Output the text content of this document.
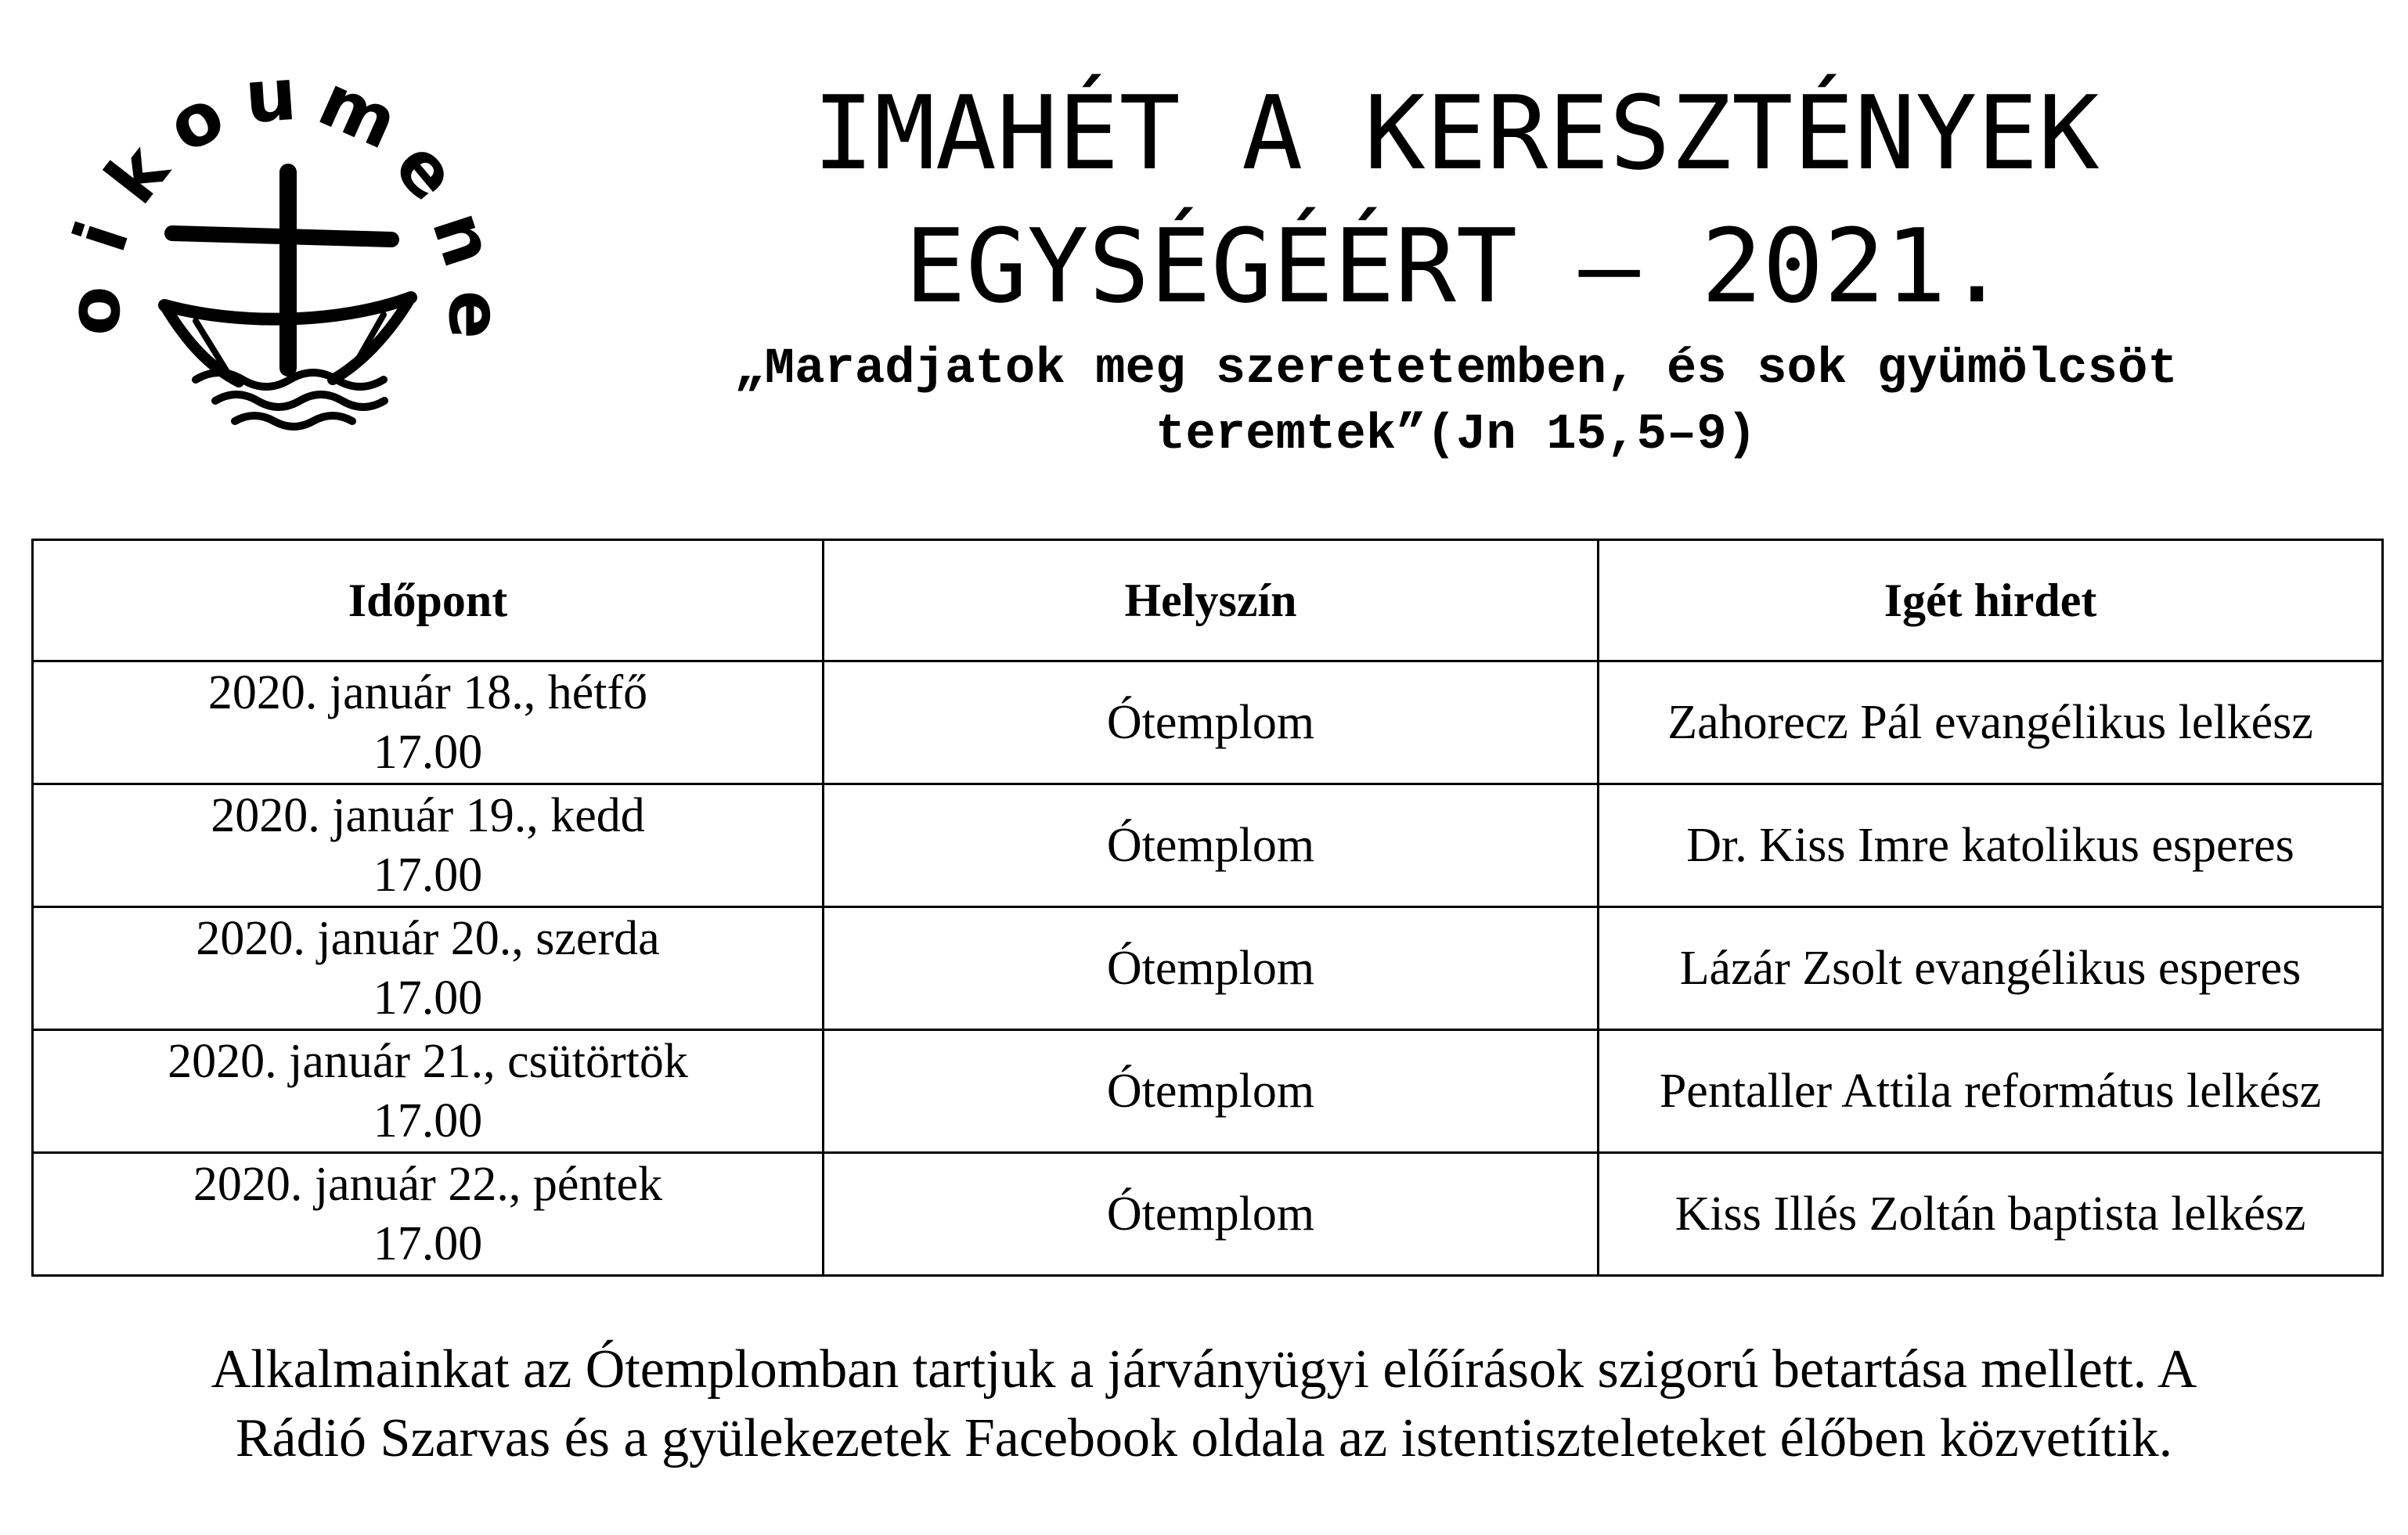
o
i
k
o u m
e
n
e
IMAHÉT A KERESZTÉNYEK
EGYSÉGÉÉRT – 2021.
„Maradjatok meg szeretetemben, és sok gyümölcsöt
teremtek”(Jn 15,5–9)
Időpont	Helyszín	Igét hirdet
2020. január 18., hétfő
17.00	Ótemplom	Zahorecz Pál evangélikus lelkész
2020. január 19., kedd
17.00	Ótemplom	Dr. Kiss Imre katolikus esperes
2020. január 20., szerda
17.00	Ótemplom	Lázár Zsolt evangélikus esperes
2020. január 21., csütörtök
17.00	Ótemplom	Pentaller Attila református lelkész
2020. január 22., péntek
17.00	Ótemplom	Kiss Illés Zoltán baptista lelkész
Alkalmainkat az Ótemplomban tartjuk a járványügyi előírások szigorú betartása mellett. A
Rádió Szarvas és a gyülekezetek Facebook oldala az istentiszteleteket élőben közvetítik.
